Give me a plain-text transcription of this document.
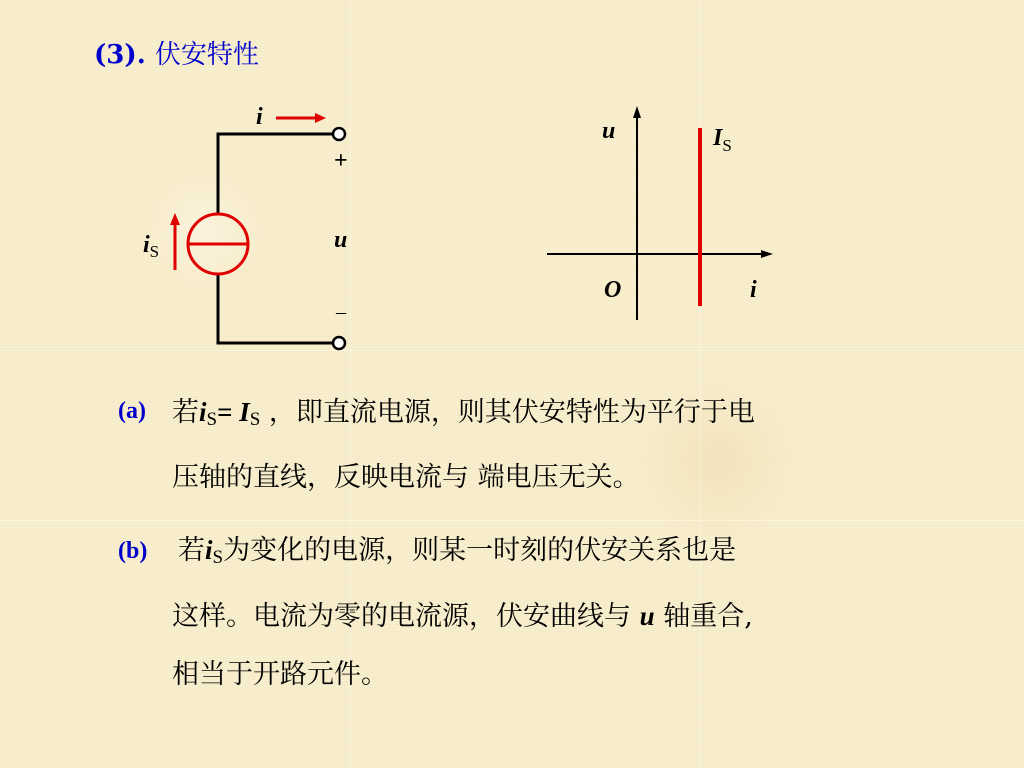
(3). 伏安特性
i
$i_S$
+
u
–
u
i
O
$I_S$
(a) 若iS= IS ，即直流电源，则其伏安特性为平行于电
压轴的直线，反映电流与 端电压无关。
(b) 若iS为变化的电源，则某一时刻的伏安关系也是
这样。电流为零的电流源，伏安曲线与 u 轴重合,
相当于开路元件。
